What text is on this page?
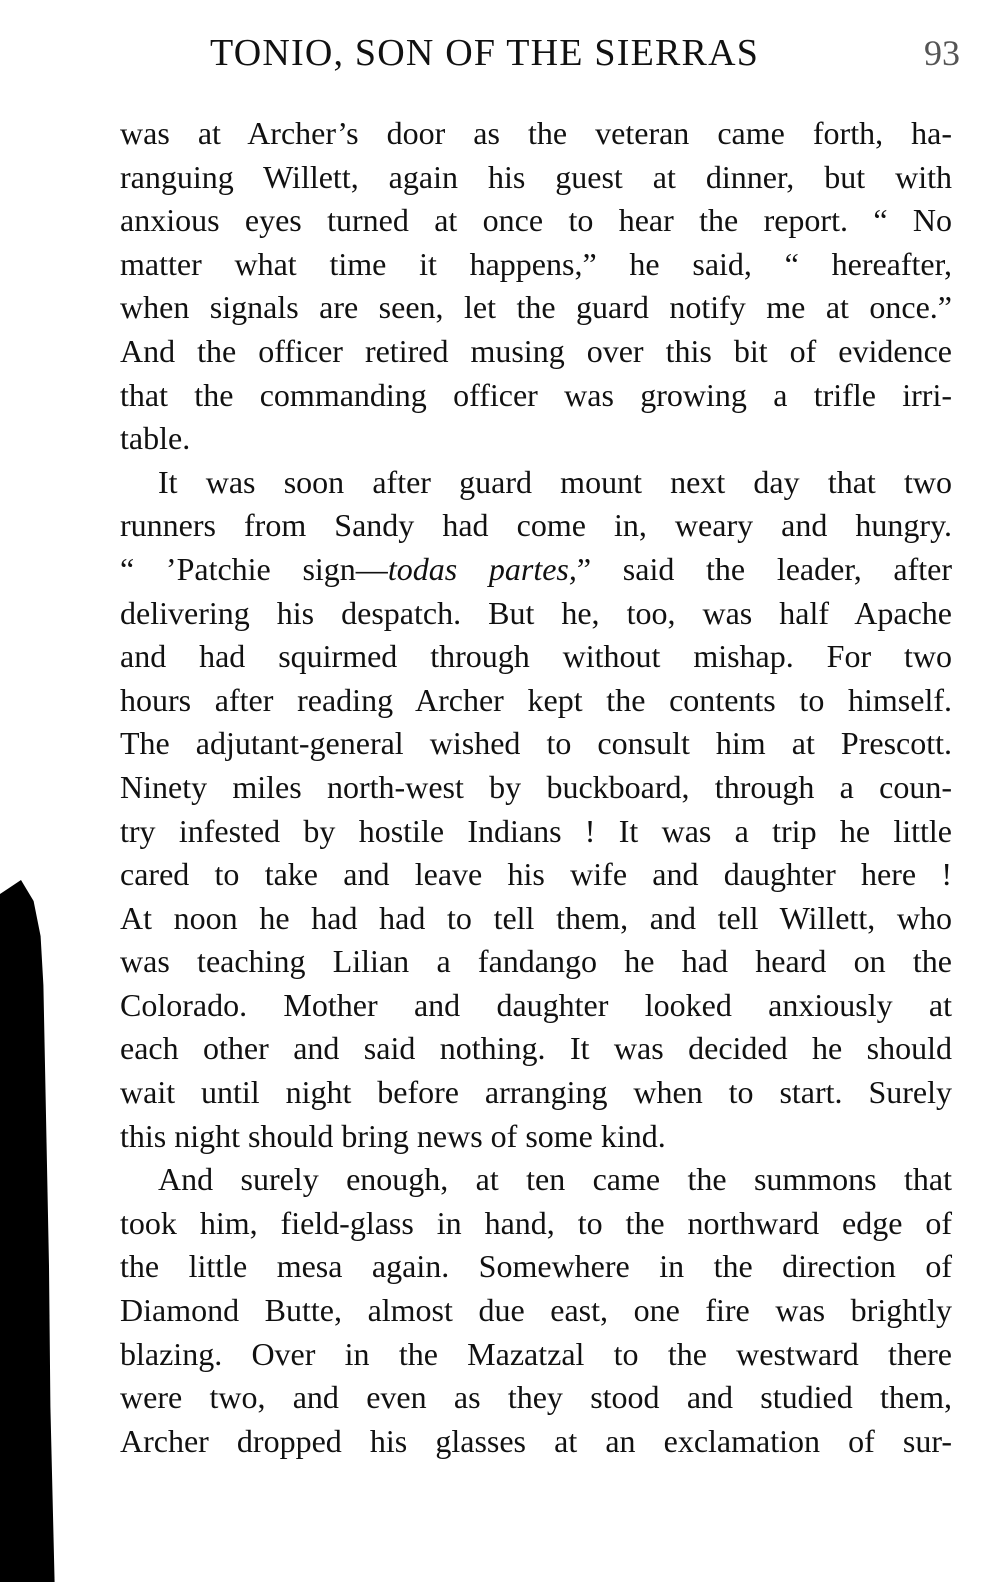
TONIO, SON OF THE SIERRAS	93
was at Archer’s door as the veteran came forth, ha-
ranguing Willett, again his guest at dinner, but with
anxious eyes turned at once to hear the report. “ No
matter what time it happens,” he said, “ hereafter,
when signals are seen, let the guard notify me at once.”
And the officer retired musing over this bit of evidence
that the commanding officer was growing a trifle irri-
table.
It was soon after guard mount next day that two
runners from Sandy had come in, weary and hungry.
“ ’Patchie sign—todas partes,” said the leader, after
delivering his despatch. But he, too, was half Apache
and had squirmed through without mishap. For two
hours after reading Archer kept the contents to himself.
The adjutant-general wished to consult him at Prescott.
Ninety miles north-west by buckboard, through a coun-
try infested by hostile Indians ! It was a trip he little
cared to take and leave his wife and daughter here !
At noon he had had to tell them, and tell Willett, who
was teaching Lilian a fandango he had heard on the
Colorado. Mother and daughter looked anxiously at
each other and said nothing. It was decided he should
wait until night before arranging when to start. Surely
this night should bring news of some kind.
And surely enough, at ten came the summons that
took him, field-glass in hand, to the northward edge of
the little mesa again. Somewhere in the direction of
Diamond Butte, almost due east, one fire was brightly
blazing. Over in the Mazatzal to the westward there
were two, and even as they stood and studied them,
Archer dropped his glasses at an exclamation of sur-
